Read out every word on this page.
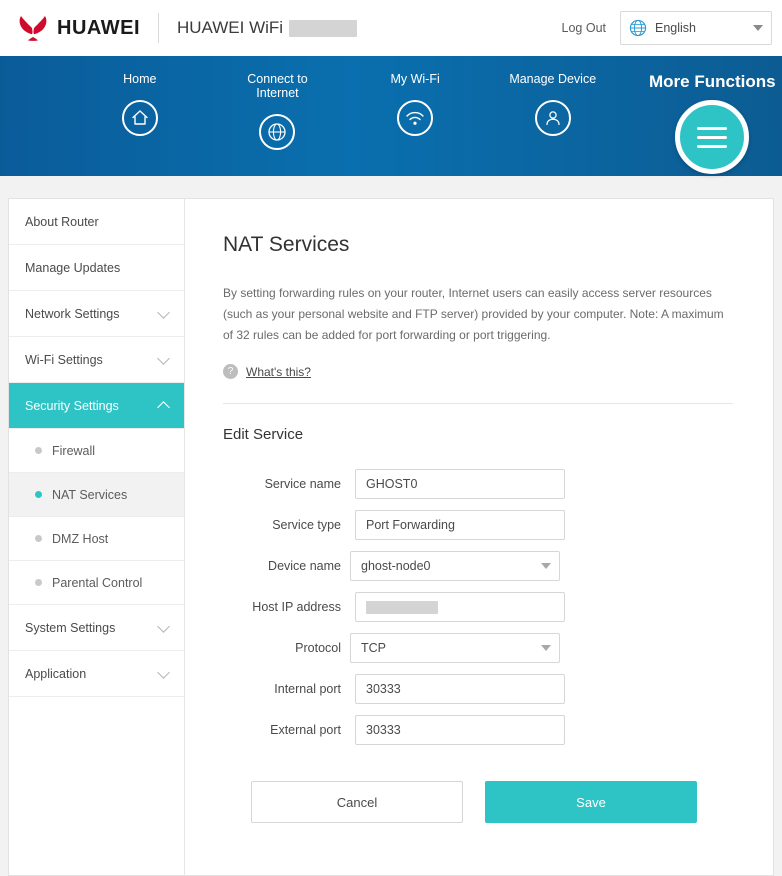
HUAWEI HUAWEI WiFi	Log Out	English
Home	Connect to Internet
My Wi-Fi	Manage Device	More Functions
About Router
Manage Updates
Network Settings
Wi-Fi Settings
Security Settings
Firewall
NAT Services
DMZ Host
Parental Control
System Settings
Application
NAT Services

By setting forwarding rules on your router, Internet users can easily access server resources (such as your personal website and FTP server) provided by your computer. Note: A maximum of 32 rules can be added for port forwarding or port triggering.

?	What's this?
Edit Service
Service name	GHOST0
Service type	Port Forwarding
Device name	ghost-node0
Host IP address
Protocol	TCP
Internal port	30333
External port	30333
Cancel	Save
